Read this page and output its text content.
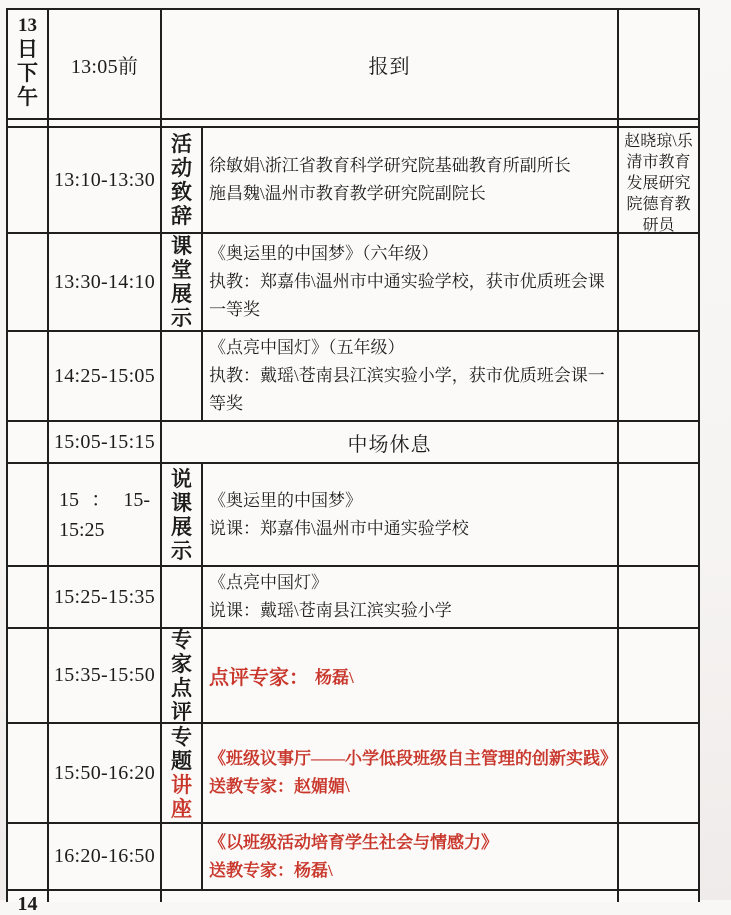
13
日下午
13:05前	报到
13:10-13:30
活动致辞
徐敏娟\浙江省教育科学研究院基础教育所副所长
施昌魏\温州市教育教学研究院副院长
赵晓琼\乐清市教育发展研究院德育教研员
13:30-14:10
课堂展示
《奥运里的中国梦》（六年级）
执教：郑嘉伟\温州市中通实验学校，获市优质班会课一等奖
14:25-15:05
《点亮中国灯》（五年级）
执教：戴瑶\苍南县江滨实验小学，获市优质班会课一等奖
15:05-15:15	中场休息
15 ： 15-
15:25
说课展示
《奥运里的中国梦》
说课：郑嘉伟\温州市中通实验学校
15:25-15:35
《点亮中国灯》
说课：戴瑶\苍南县江滨实验小学
15:35-15:50
专家点评
点评专家： 杨磊\
15:50-16:20
专题
讲座
《班级议事厅——小学低段班级自主管理的创新实践》
送教专家：赵媚媚\
16:20-16:50
《以班级活动培育学生社会与情感力》
送教专家：杨磊\
14
